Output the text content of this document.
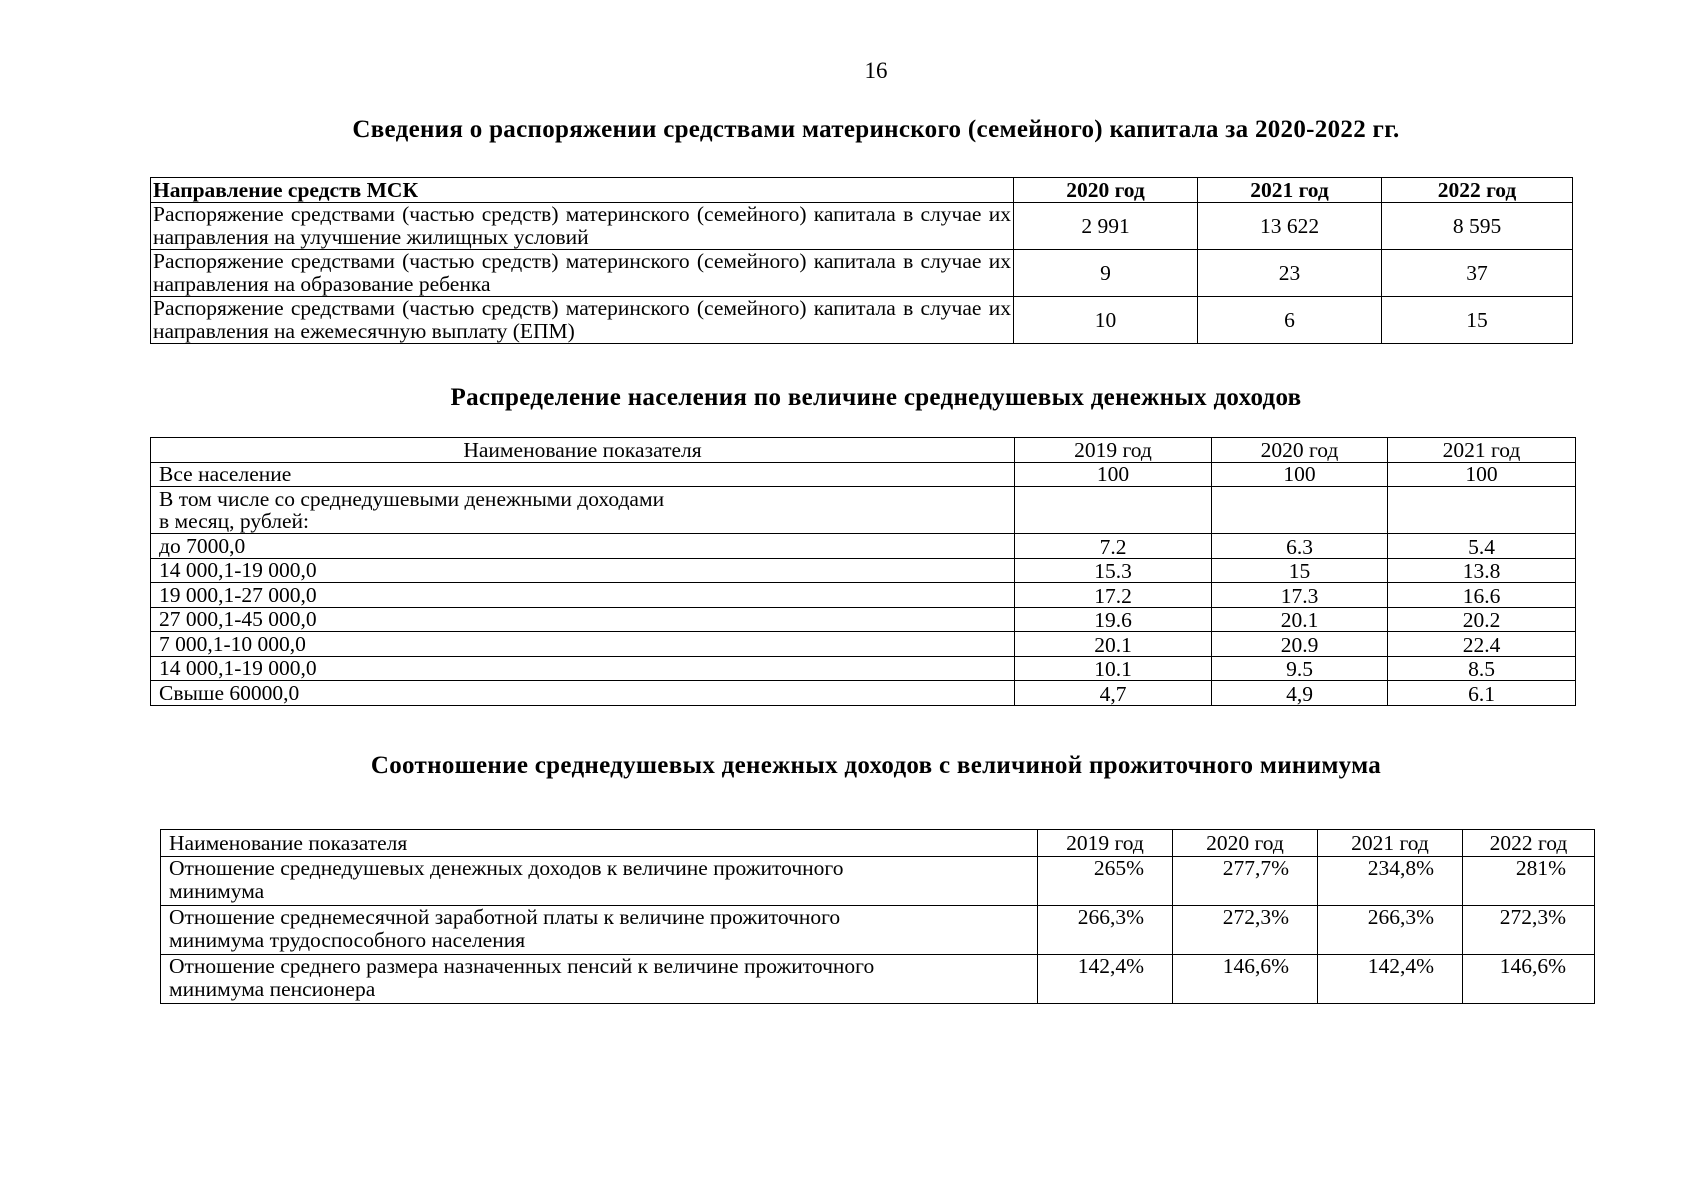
16
Сведения о распоряжении средствами материнского (семейного) капитала за 2020-2022 гг.
Направление средств МСК	2020 год	2021 год	2022 год
Распоряжение средствами (частью средств) материнского (семейного) капитала в случае их направления на улучшение жилищных условий	2 991	13 622	8 595
Распоряжение средствами (частью средств) материнского (семейного) капитала в случае их направления на образование ребенка	9	23	37
Распоряжение средствами (частью средств) материнского (семейного) капитала в случае их направления на ежемесячную выплату (ЕПМ)	10	6	15
Распределение населения по величине среднедушевых денежных доходов
Наименование показателя	2019 год	2020 год	2021 год
Все население	100	100	100

В том числе со среднедушевыми денежными доходами
в месяц, рублей:			

до 7000,0	7.2	6.3	5.4
14 000,1-19 000,0	15.3	15	13.8
19 000,1-27 000,0	17.2	17.3	16.6
27 000,1-45 000,0	19.6	20.1	20.2
7 000,1-10 000,0	20.1	20.9	22.4
14 000,1-19 000,0	10.1	9.5	8.5
Свыше 60000,0	4,7	4,9	6.1
Соотношение среднедушевых денежных доходов с величиной прожиточного минимума
Наименование показателя	2019 год	2020 год	2021 год	2022 год

Отношение среднедушевых денежных доходов к величине прожиточного
минимума	265%	277,7%	234,8%	281%

Отношение среднемесячной заработной платы к величине прожиточного
минимума трудоспособного населения	266,3%	272,3%	266,3%	272,3%

Отношение среднего размера назначенных пенсий к величине прожиточного
минимума пенсионера	142,4%	146,6%	142,4%	146,6%
